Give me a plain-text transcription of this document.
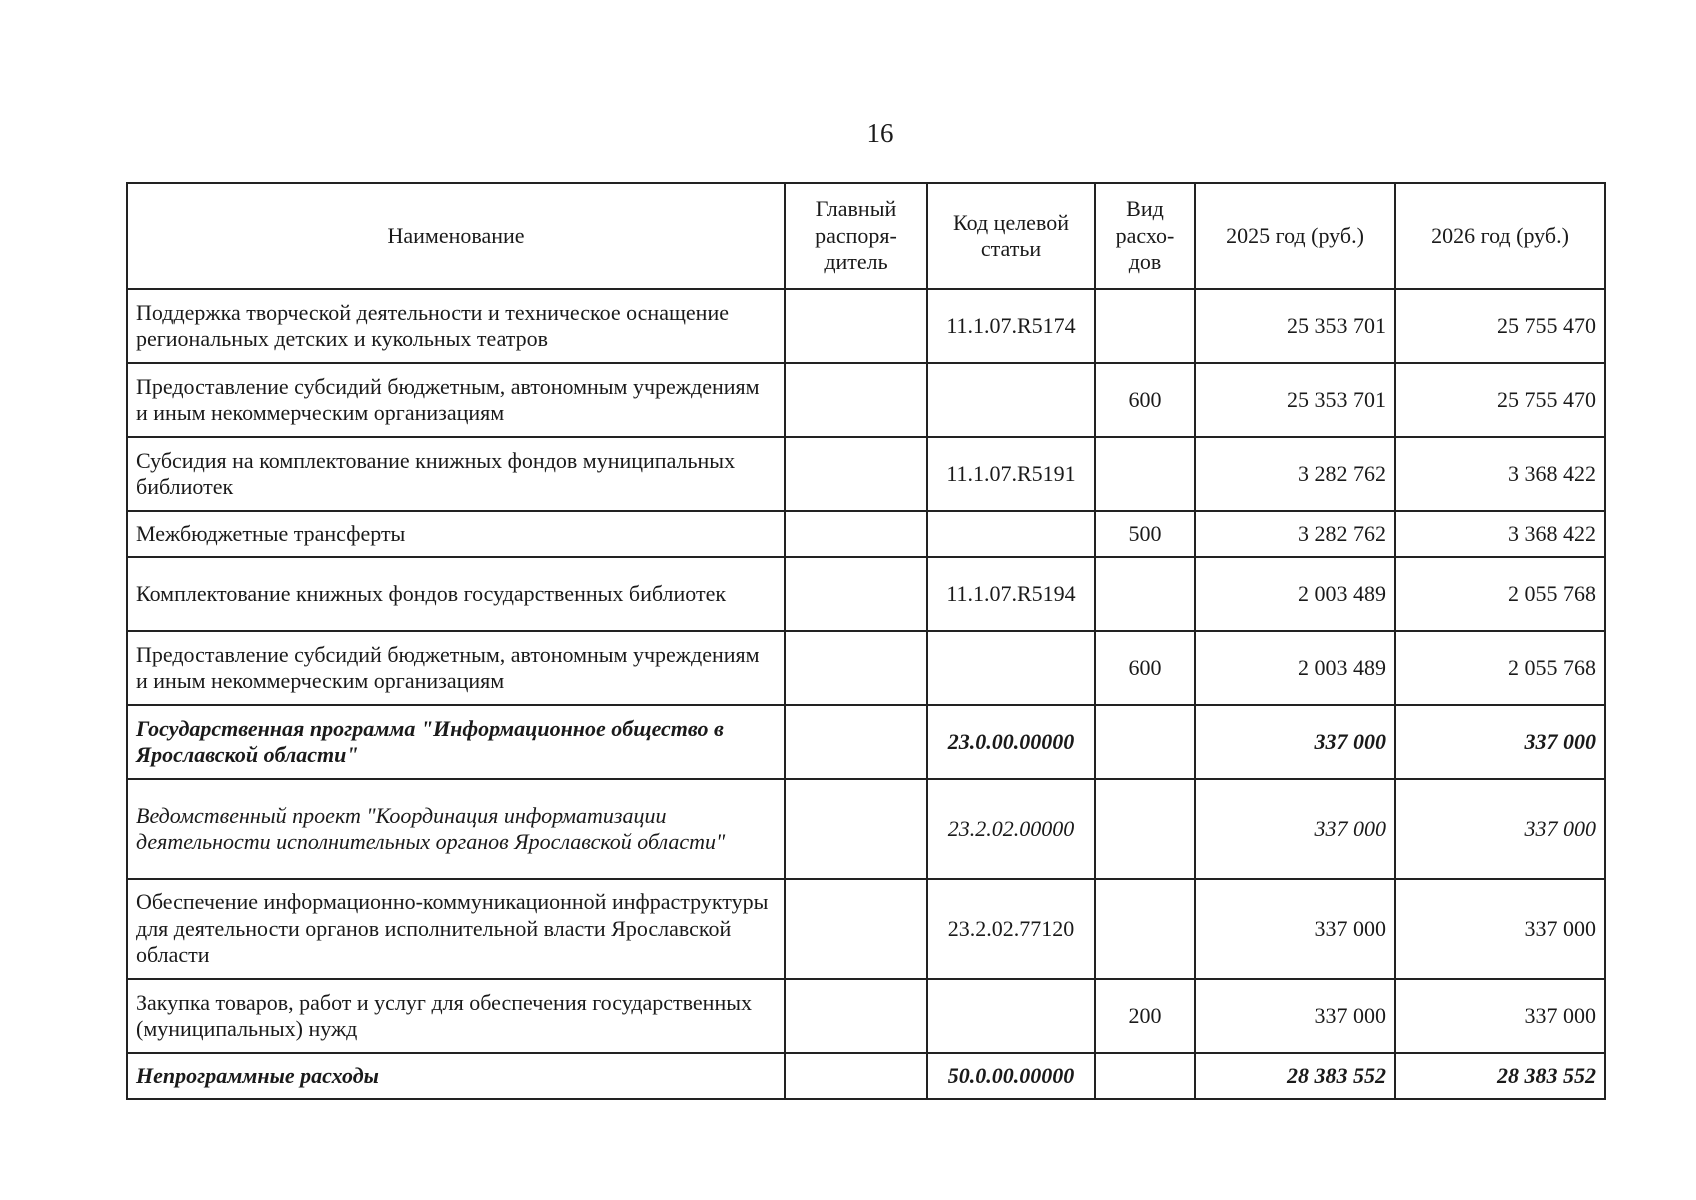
16
Наименование	Главный распоря-дитель	Код целевой статьи	Вид расхо-дов	2025 год (руб.)	2026 год (руб.)
Поддержка творческой деятельности и техническое оснащение региональных детских и кукольных театров		11.1.07.R5174		25 353 701	25 755 470
Предоставление субсидий бюджетным, автономным учреждениям и иным некоммерческим организациям			600	25 353 701	25 755 470
Субсидия на комплектование книжных фондов муниципальных библиотек		11.1.07.R5191		3 282 762	3 368 422
Межбюджетные трансферты			500	3 282 762	3 368 422
Комплектование книжных фондов государственных библиотек		11.1.07.R5194		2 003 489	2 055 768
Предоставление субсидий бюджетным, автономным учреждениям и иным некоммерческим организациям			600	2 003 489	2 055 768
Государственная программа "Информационное общество в Ярославской области"		23.0.00.00000		337 000	337 000
Ведомственный проект "Координация информатизации деятельности исполнительных органов Ярославской области"		23.2.02.00000		337 000	337 000
Обеспечение информационно-коммуникационной инфраструктуры для деятельности органов исполнительной власти Ярославской области		23.2.02.77120		337 000	337 000
Закупка товаров, работ и услуг для обеспечения государственных (муниципальных) нужд			200	337 000	337 000
Непрограммные расходы		50.0.00.00000		28 383 552	28 383 552
